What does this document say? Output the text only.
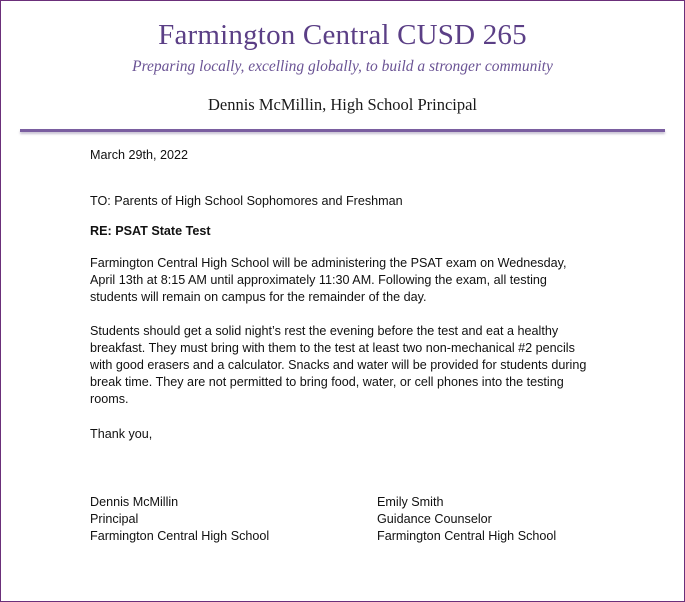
Farmington Central CUSD 265
Preparing locally, excelling globally, to build a stronger community
Dennis McMillin, High School Principal
March 29th, 2022
TO: Parents of High School Sophomores and Freshman
RE: PSAT State Test
Farmington Central High School will be administering the PSAT exam on Wednesday, April 13th at 8:15 AM until approximately 11:30 AM. Following the exam, all testing students will remain on campus for the remainder of the day.
Students should get a solid night’s rest the evening before the test and eat a healthy breakfast. They must bring with them to the test at least two non-mechanical #2 pencils with good erasers and a calculator. Snacks and water will be provided for students during break time. They are not permitted to bring food, water, or cell phones into the testing rooms.
Thank you,
Dennis McMillin
Principal
Farmington Central High School
Emily Smith
Guidance Counselor
Farmington Central High School
